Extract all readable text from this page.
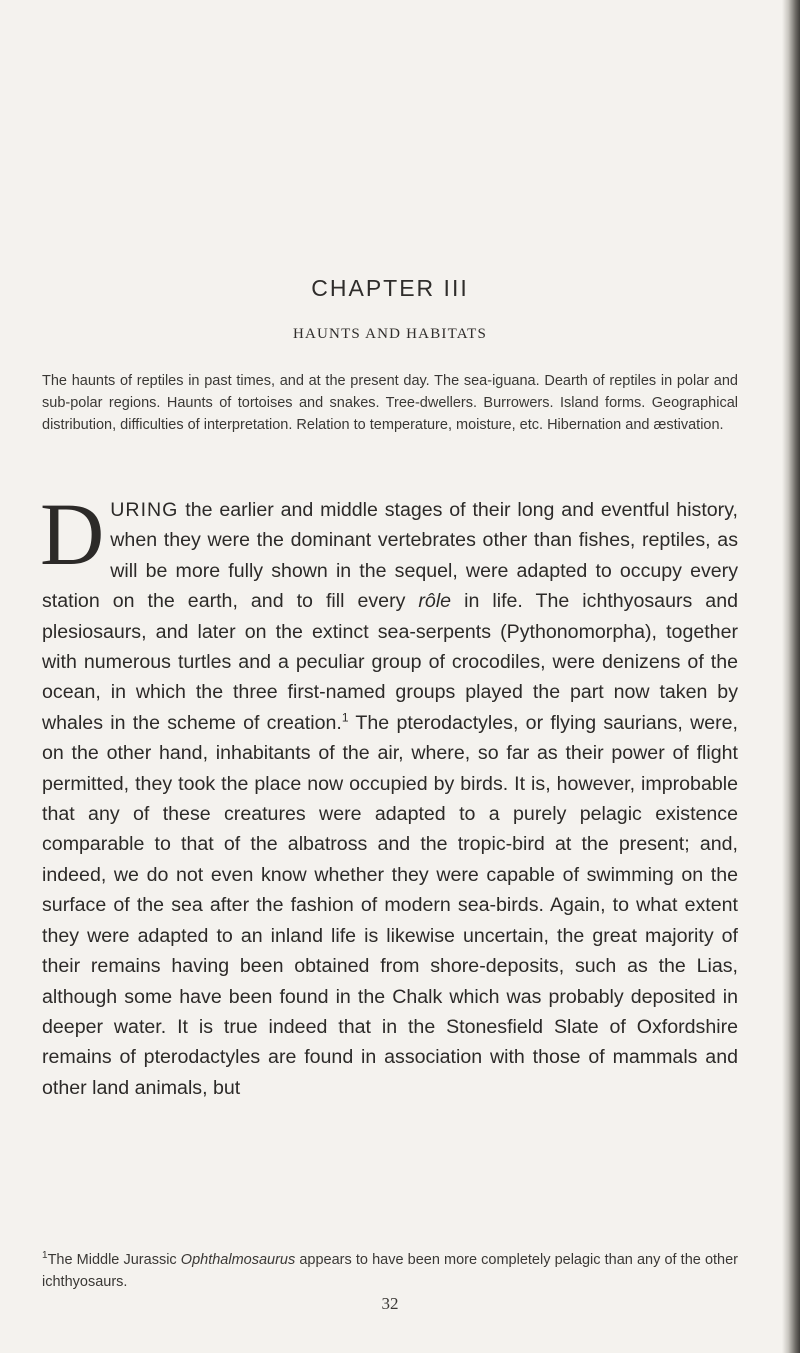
CHAPTER III
HAUNTS AND HABITATS

The haunts of reptiles in past times, and at the present day. The sea-iguana. Dearth of reptiles in polar and sub-polar regions. Haunts of tortoises and snakes. Tree-dwellers. Burrowers. Island forms. Geographical distribution, difficulties of interpretation. Relation to temperature, moisture, etc. Hibernation and æstivation.

DURING the earlier and middle stages of their long and eventful history, when they were the dominant vertebrates other than fishes, reptiles, as will be more fully shown in the sequel, were adapted to occupy every station on the earth, and to fill every rôle in life. The ichthyosaurs and plesiosaurs, and later on the extinct sea-serpents (Pythonomorpha), together with numerous turtles and a peculiar group of crocodiles, were denizens of the ocean, in which the three first-named groups played the part now taken by whales in the scheme of creation.$^1$ The pterodactyles, or flying saurians, were, on the other hand, inhabitants of the air, where, so far as their power of flight permitted, they took the place now occupied by birds. It is, however, improbable that any of these creatures were adapted to a purely pelagic existence comparable to that of the albatross and the tropic-bird at the present; and, indeed, we do not even know whether they were capable of swimming on the surface of the sea after the fashion of modern sea-birds. Again, to what extent they were adapted to an inland life is likewise uncertain, the great majority of their remains having been obtained from shore-deposits, such as the Lias, although some have been found in the Chalk which was probably deposited in deeper water. It is true indeed that in the Stonesfield Slate of Oxfordshire remains of pterodactyles are found in association with those of mammals and other land animals, but

$^1$The Middle Jurassic Ophthalmosaurus appears to have been more completely pelagic than any of the other ichthyosaurs.

32
